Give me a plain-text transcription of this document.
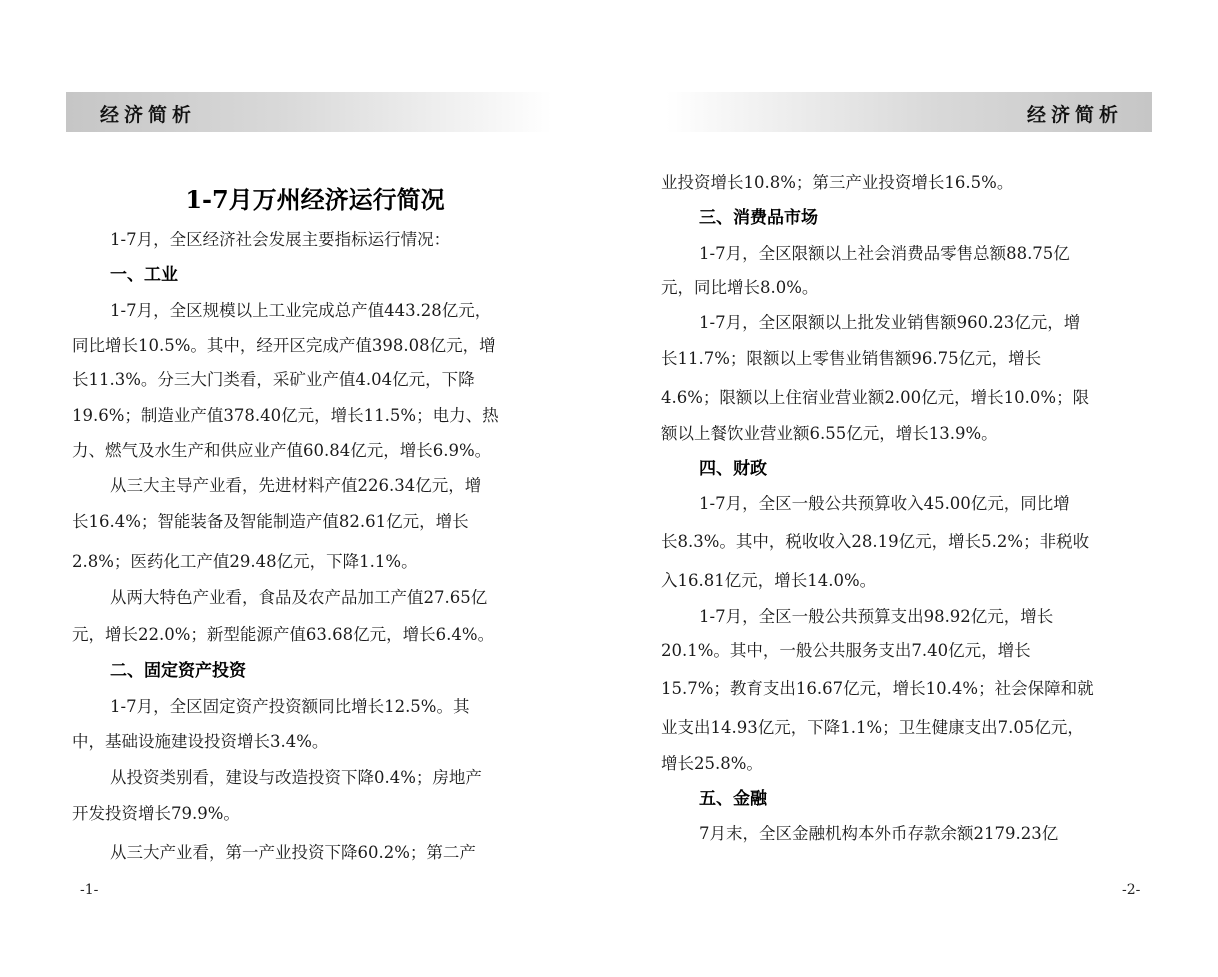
经济简析
1-7月万州经济运行简况
1-7月，全区经济社会发展主要指标运行情况：
一、工业
1-7月，全区规模以上工业完成总产值443.28亿元，
同比增长10.5%。其中，经开区完成产值398.08亿元，增
长11.3%。分三大门类看，采矿业产值4.04亿元，下降
19.6%；制造业产值378.40亿元，增长11.5%；电力、热
力、燃气及水生产和供应业产值60.84亿元，增长6.9%。
从三大主导产业看，先进材料产值226.34亿元，增
长16.4%；智能装备及智能制造产值82.61亿元，增长
2.8%；医药化工产值29.48亿元，下降1.1%。
从两大特色产业看，食品及农产品加工产值27.65亿
元，增长22.0%；新型能源产值63.68亿元，增长6.4%。
二、固定资产投资
1-7月，全区固定资产投资额同比增长12.5%。其
中，基础设施建设投资增长3.4%。
从投资类别看，建设与改造投资下降0.4%；房地产
开发投资增长79.9%。
从三大产业看，第一产业投资下降60.2%；第二产
-1-
经济简析
业投资增长10.8%；第三产业投资增长16.5%。
三、消费品市场
1-7月，全区限额以上社会消费品零售总额88.75亿
元，同比增长8.0%。
1-7月，全区限额以上批发业销售额960.23亿元，增
长11.7%；限额以上零售业销售额96.75亿元，增长
4.6%；限额以上住宿业营业额2.00亿元，增长10.0%；限
额以上餐饮业营业额6.55亿元，增长13.9%。
四、财政
1-7月，全区一般公共预算收入45.00亿元，同比增
长8.3%。其中，税收收入28.19亿元，增长5.2%；非税收
入16.81亿元，增长14.0%。
1-7月，全区一般公共预算支出98.92亿元，增长
20.1%。其中，一般公共服务支出7.40亿元，增长
15.7%；教育支出16.67亿元，增长10.4%；社会保障和就
业支出14.93亿元，下降1.1%；卫生健康支出7.05亿元，
增长25.8%。
五、金融
7月末，全区金融机构本外币存款余额2179.23亿
-2-
